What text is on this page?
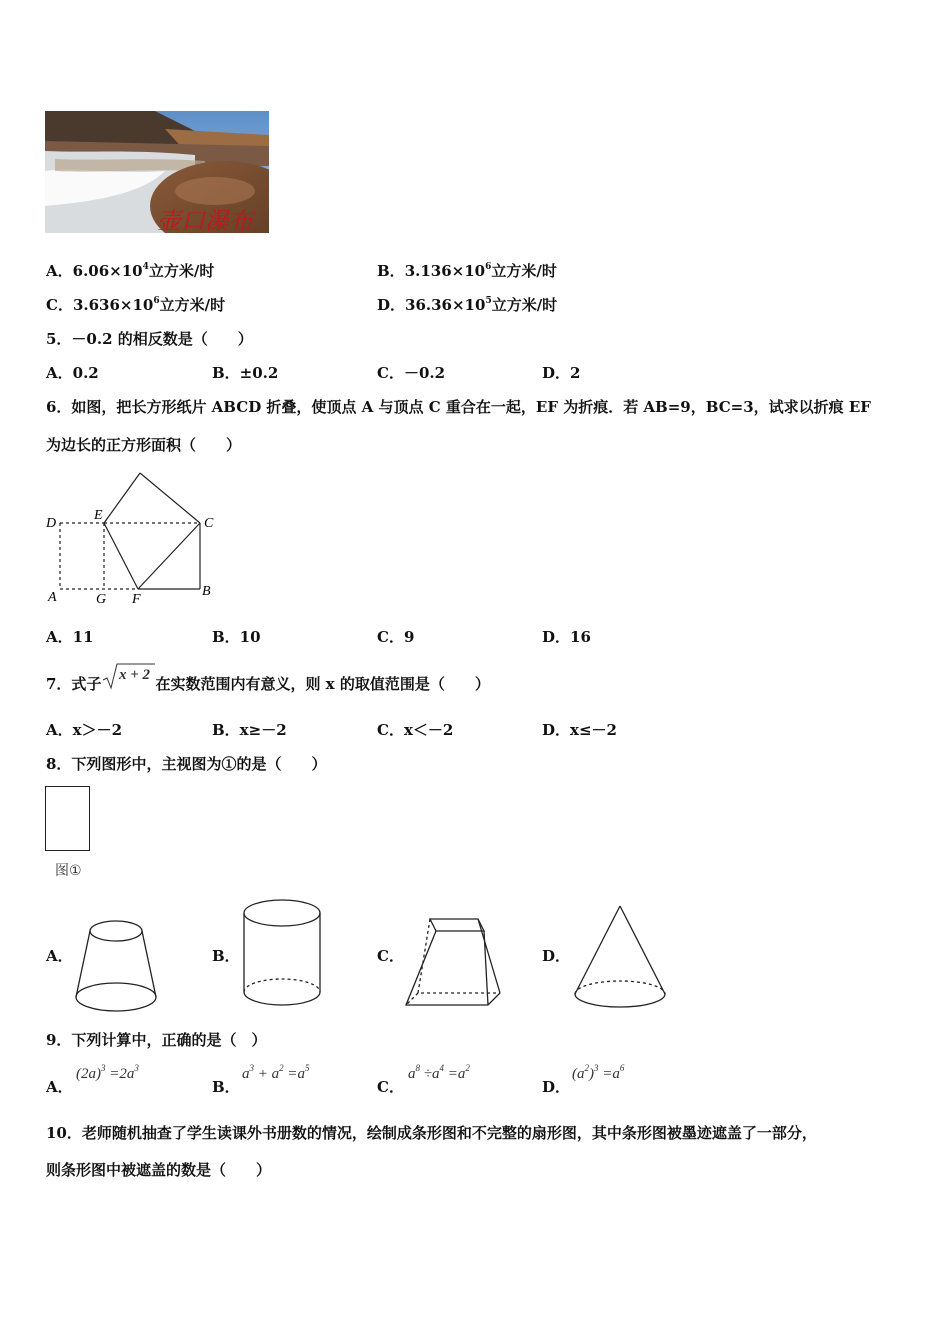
壶口瀑布
A．$6.06\times 10^4$立方米/时	B．$3.136\times 10^6$立方米/时
C．$3.636\times 10^6$立方米/时	D．$36.36\times 10^5$立方米/时
5．－0.2 的相反数是（　　）
A．0.2	B．±0.2	C．－0.2	D．2
6．如图，把长方形纸片 ABCD 折叠，使顶点 A 与顶点 C 重合在一起，EF 为折痕．若 AB=9，BC=3，试求以折痕 EF
为边长的正方形面积（　　）
D
E
C
A	G F
B
A．11	B．10	C．9	D．16
7．式子 x + 2 在实数范围内有意义，则 x 的取值范围是（　　）
A．x＞－2	B．x≥－2	C．x＜－2	D．x≤－2
8．下列图形中，主视图为①的是（　　）
图①
A．	B．	C．	D．
9．下列计算中，正确的是（　）
A．
$(2a)^3 =2a^3$
B．
$a^3 + a^2 =a^5$
C．
$a^8 \div a^4 =a^2$
D．
$(a^2)^3 =a^6$
10．老师随机抽查了学生读课外书册数的情况，绘制成条形图和不完整的扇形图，其中条形图被墨迹遮盖了一部分，
则条形图中被遮盖的数是（　　）
